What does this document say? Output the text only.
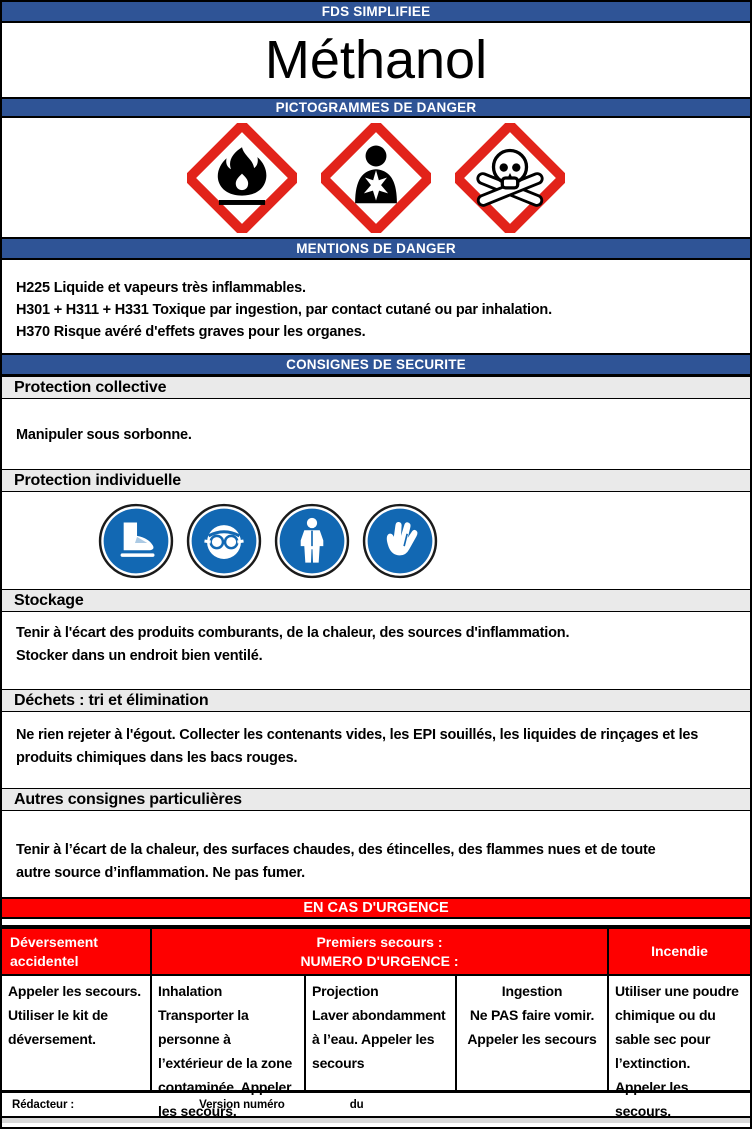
FDS SIMPLIFIEE
Méthanol
PICTOGRAMMES DE DANGER
MENTIONS DE DANGER
H225 Liquide et vapeurs très inflammables.
H301 + H311 + H331 Toxique par ingestion, par contact cutané ou par inhalation.
H370 Risque avéré d'effets graves pour les organes.
CONSIGNES DE SECURITE
Protection collective
Manipuler sous sorbonne.
Protection individuelle
Stockage
Tenir à l'écart des produits comburants, de la chaleur, des sources d'inflammation.
Stocker dans un endroit bien ventilé.
Déchets : tri et élimination
Ne rien rejeter à l'égout. Collecter les contenants vides, les EPI souillés, les liquides de rinçages et les produits chimiques dans les bacs rouges.
Autres consignes particulières
Tenir à l’écart de la chaleur, des surfaces chaudes, des étincelles, des flammes nues et de toute autre source d’inflammation. Ne pas fumer.
EN CAS D'URGENCE
Déversement
accidentel
Premiers secours :
NUMERO D'URGENCE :
Incendie
Appeler les secours. Utiliser le kit de déversement.
Inhalation
Transporter la personne à l’extérieur de la zone contaminée. Appeler les secours.
Projection
Laver abondamment à l’eau. Appeler les secours
Ingestion
Ne PAS faire vomir. Appeler les secours
Utiliser une poudre chimique ou du sable sec pour l’extinction. Appeler les secours.
Rédacteur :	Version numéro	du
